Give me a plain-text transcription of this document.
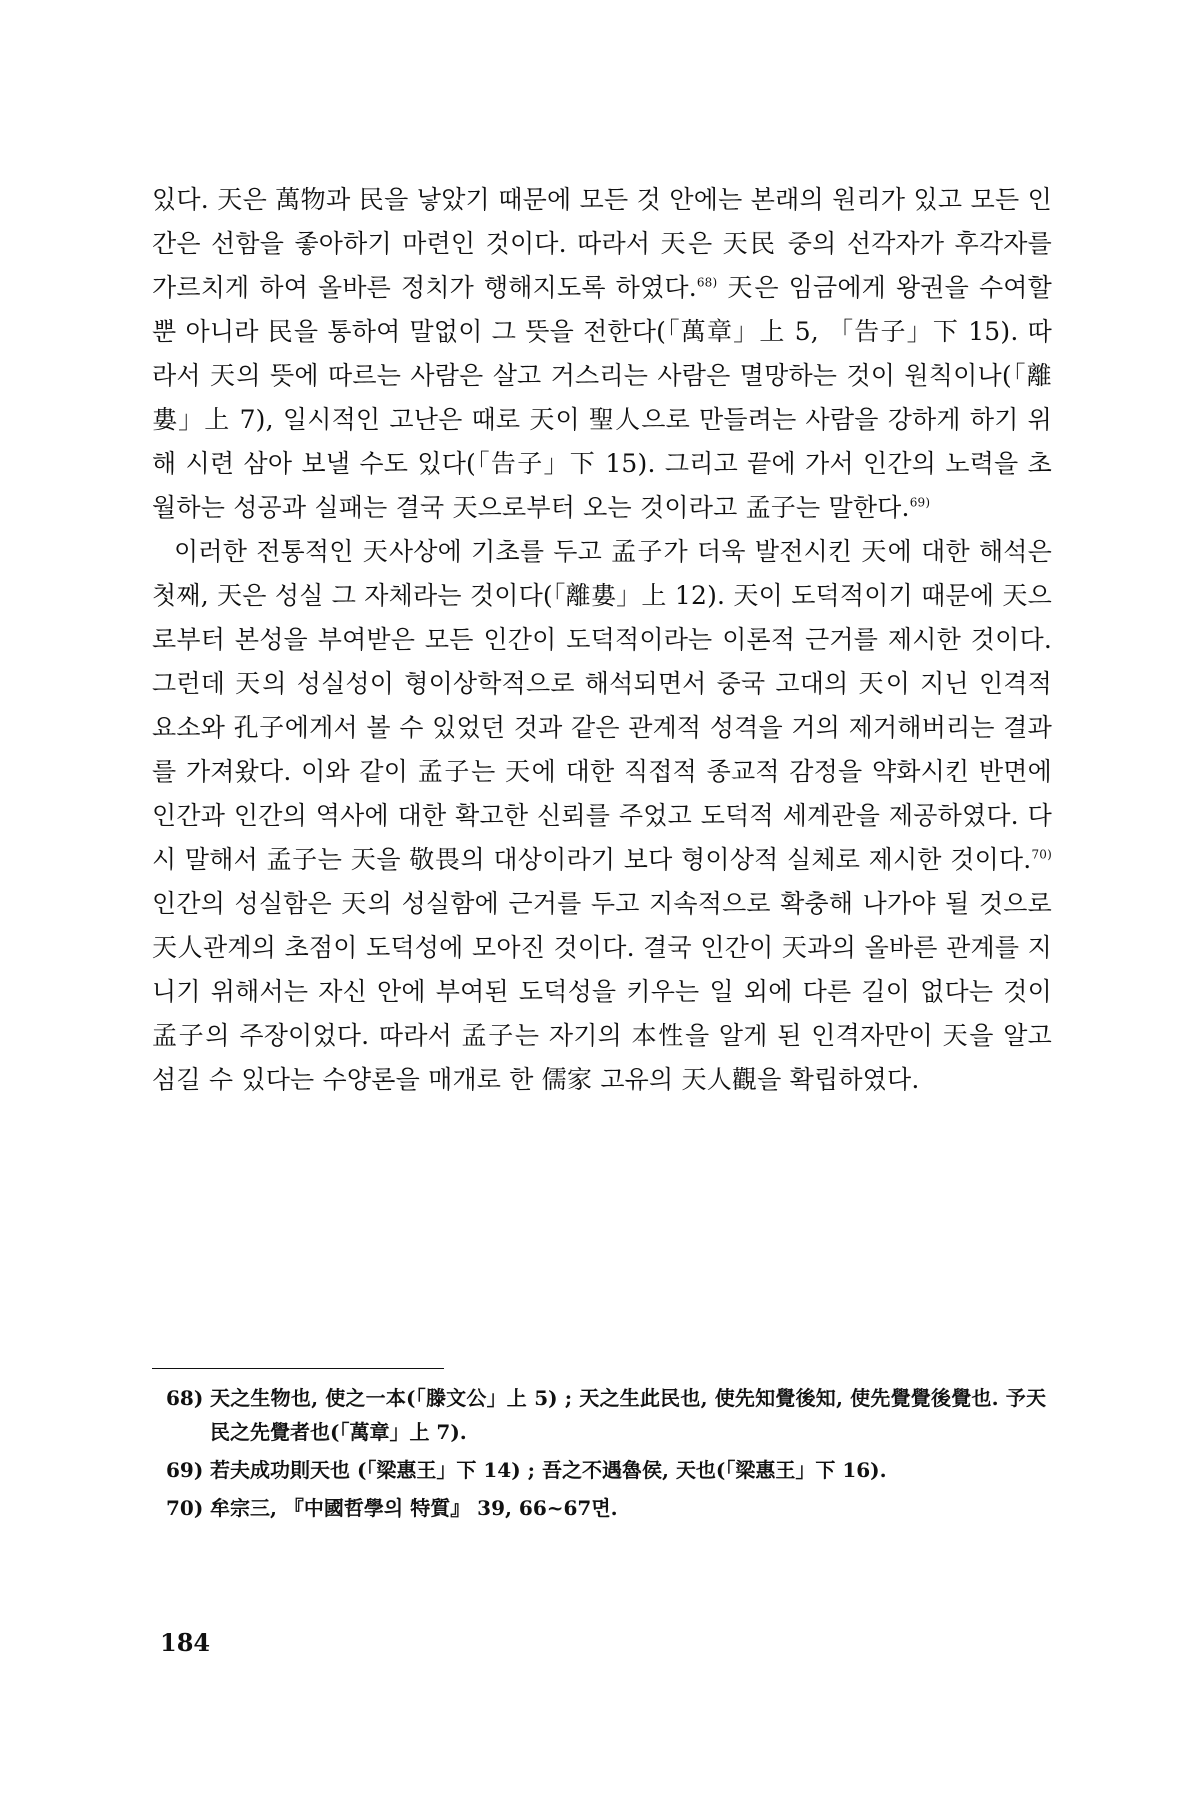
있다. 天은 萬物과 民을 낳았기 때문에 모든 것 안에는 본래의 원리가 있고 모든 인간은 선함을 좋아하기 마련인 것이다. 따라서 天은 天民 중의 선각자가 후각자를 가르치게 하여 올바른 정치가 행해지도록 하였다.$^{68)}$ 天은 임금에게 왕권을 수여할 뿐 아니라 民을 통하여 말없이 그 뜻을 전한다(「萬章」上 5, 「告子」下 15). 따라서 天의 뜻에 따르는 사람은 살고 거스리는 사람은 멸망하는 것이 원칙이나(「離婁」上 7), 일시적인 고난은 때로 天이 聖人으로 만들려는 사람을 강하게 하기 위해 시련 삼아 보낼 수도 있다(「告子」下 15). 그리고 끝에 가서 인간의 노력을 초월하는 성공과 실패는 결국 天으로부터 오는 것이라고 孟子는 말한다.$^{69)}$

이러한 전통적인 天사상에 기초를 두고 孟子가 더욱 발전시킨 天에 대한 해석은 첫째, 天은 성실 그 자체라는 것이다(「離婁」上 12). 天이 도덕적이기 때문에 天으로부터 본성을 부여받은 모든 인간이 도덕적이라는 이론적 근거를 제시한 것이다. 그런데 天의 성실성이 형이상학적으로 해석되면서 중국 고대의 天이 지닌 인격적 요소와 孔子에게서 볼 수 있었던 것과 같은 관계적 성격을 거의 제거해버리는 결과를 가져왔다. 이와 같이 孟子는 天에 대한 직접적 종교적 감정을 약화시킨 반면에 인간과 인간의 역사에 대한 확고한 신뢰를 주었고 도덕적 세계관을 제공하였다. 다시 말해서 孟子는 天을 敬畏의 대상이라기 보다 형이상적 실체로 제시한 것이다.$^{70)}$ 인간의 성실함은 天의 성실함에 근거를 두고 지속적으로 확충해 나가야 될 것으로 天人관계의 초점이 도덕성에 모아진 것이다. 결국 인간이 天과의 올바른 관계를 지니기 위해서는 자신 안에 부여된 도덕성을 키우는 일 외에 다른 길이 없다는 것이 孟子의 주장이었다. 따라서 孟子는 자기의 本性을 알게 된 인격자만이 天을 알고 섬길 수 있다는 수양론을 매개로 한 儒家 고유의 天人觀을 확립하였다.

68) 天之生物也, 使之一本(「滕文公」上 5) ; 天之生此民也, 使先知覺後知, 使先覺覺後覺也. 予天民之先覺者也(「萬章」上 7).
69) 若夫成功則天也 (「梁惠王」下 14) ; 吾之不遇魯侯, 天也(「梁惠王」下 16).
70) 牟宗三, 『中國哲學의 特質』 39, 66~67면.
184
